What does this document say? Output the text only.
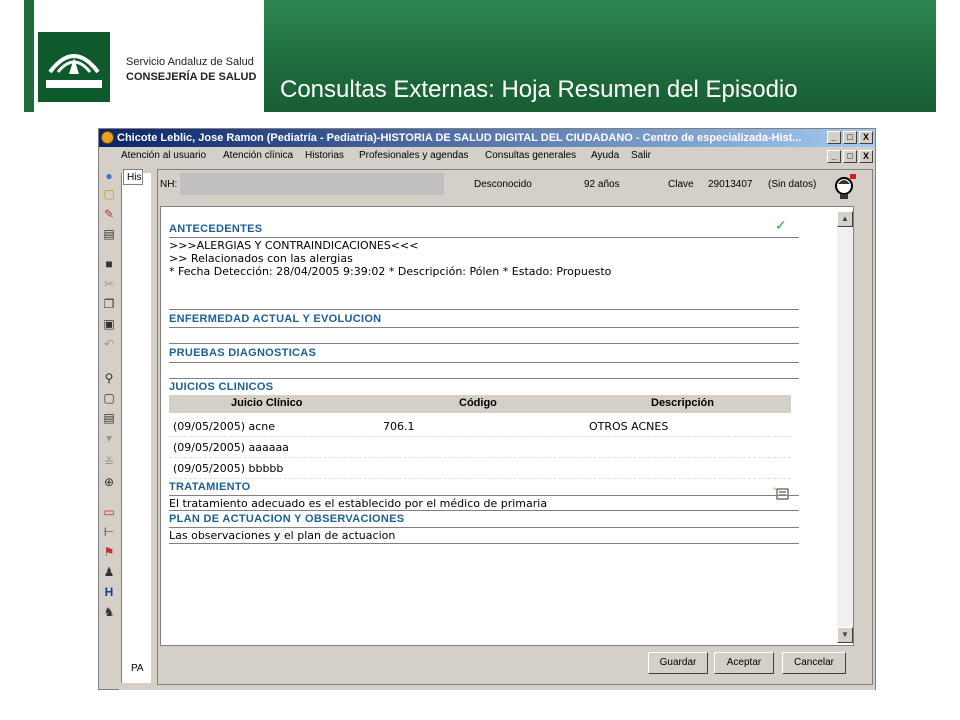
Servicio Andaluz de Salud
CONSEJERÍA DE SALUD Consultas Externas: Hoja Resumen del Episodio
Chicote Leblic, Jose Ramon (Pediatría - Pediatria)-HISTORIA DE SALUD DIGITAL DEL CIUDADANO - Centro de especializada-Hist...	_	□	X
Atención al usuario Atención clínica Historias Profesionales y agendas Consultas generales Ayuda Salir	_	□	X
●
▢
✎
▤
■
✂
❐
▣
↶
⚲
▢
▤
▾
≚
⊕
▭
⊢
⚑
♟
H
♞
His
PA
NH:	Desconocido	92 años	Clave 29013407 (Sin datos)
ANTECEDENTES	✓
>>>ALERGIAS Y CONTRAINDICACIONES<<<
>> Relacionados con las alergias
* Fecha Detección: 28/04/2005 9:39:02 * Descripción: Pólen * Estado: Propuesto
ENFERMEDAD ACTUAL Y EVOLUCION
PRUEBAS DIAGNOSTICAS
JUICIOS CLINICOS
Juicio Clínico	Código	Descripción
(09/05/2005) acne	706.1	OTROS ACNES
(09/05/2005) aaaaaa
(09/05/2005) bbbbb
TRATAMIENTO	*
El tratamiento adecuado es el establecido por el médico de primaria
PLAN DE ACTUACION Y OBSERVACIONES
Las observaciones y el plan de actuacion
▲
▼
Guardar	Aceptar	Cancelar
